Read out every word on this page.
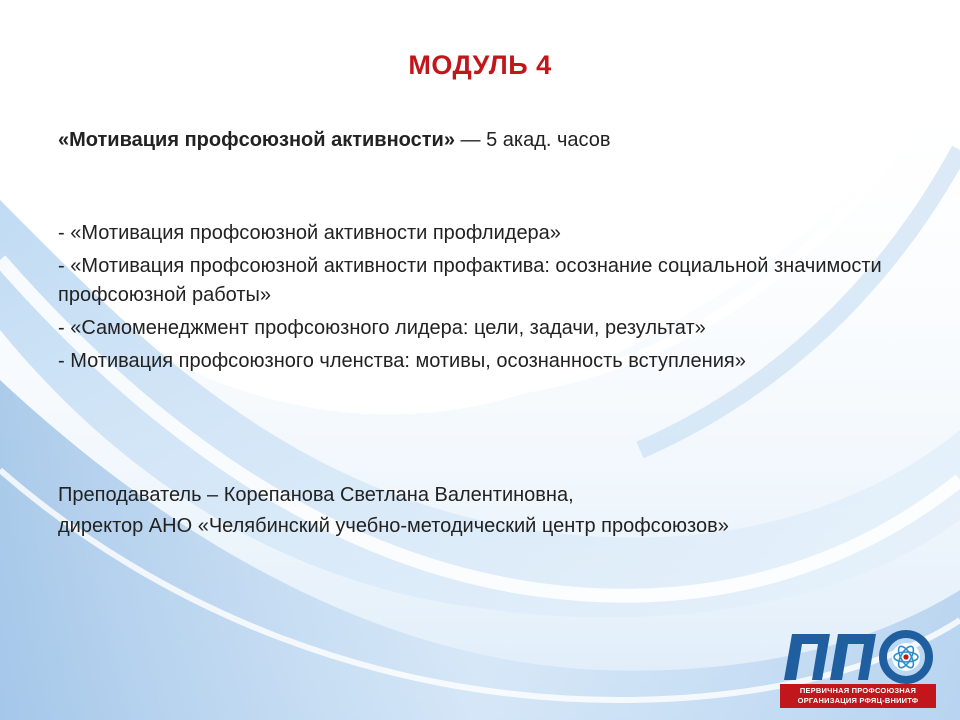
МОДУЛЬ 4
«Мотивация профсоюзной активности» — 5 акад. часов
- «Мотивация профсоюзной активности профлидера»
- «Мотивация профсоюзной активности профактива: осознание социальной значимости профсоюзной работы»
- «Самоменеджмент профсоюзного лидера: цели, задачи, результат»
- Мотивация профсоюзного членства: мотивы, осознанность вступления»
Преподаватель – Корепанова Светлана Валентиновна,
директор АНО «Челябинский учебно-методический центр профсоюзов»
ПЕРВИЧНАЯ ПРОФСОЮЗНАЯ
ОРГАНИЗАЦИЯ РФЯЦ-ВНИИТФ
